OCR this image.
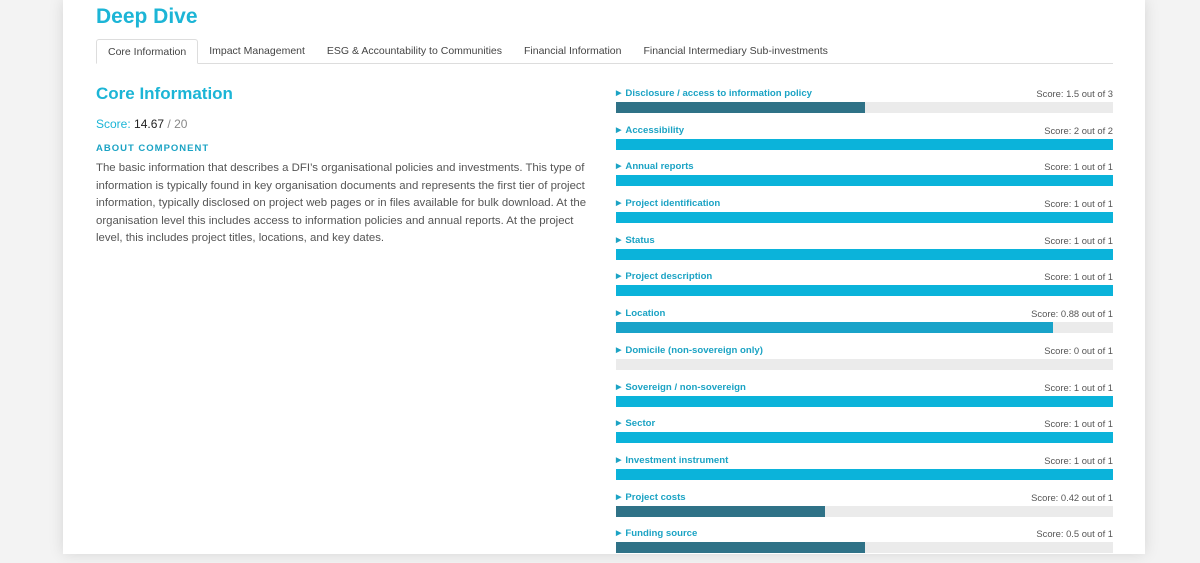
Deep Dive
Core Information	Impact Management	ESG & Accountability to Communities	Financial Information	Financial Intermediary Sub-investments
Core Information
Score: 14.67 / 20
ABOUT COMPONENT
The basic information that describes a DFI’s organisational policies and investments. This type of information is typically found in key organisation documents and represents the first tier of project information, typically disclosed on project web pages or in files available for bulk download. At the organisation level this includes access to information policies and annual reports. At the project level, this includes project titles, locations, and key dates.
▶ Disclosure / access to information policy	Score: 1.5 out of 3
▶ Accessibility	Score: 2 out of 2
▶ Annual reports	Score: 1 out of 1
▶ Project identification	Score: 1 out of 1
▶ Status	Score: 1 out of 1
▶ Project description	Score: 1 out of 1
▶ Location	Score: 0.88 out of 1
▶ Domicile (non-sovereign only)	Score: 0 out of 1
▶ Sovereign / non-sovereign	Score: 1 out of 1
▶ Sector	Score: 1 out of 1
▶ Investment instrument	Score: 1 out of 1
▶ Project costs	Score: 0.42 out of 1
▶ Funding source	Score: 0.5 out of 1
